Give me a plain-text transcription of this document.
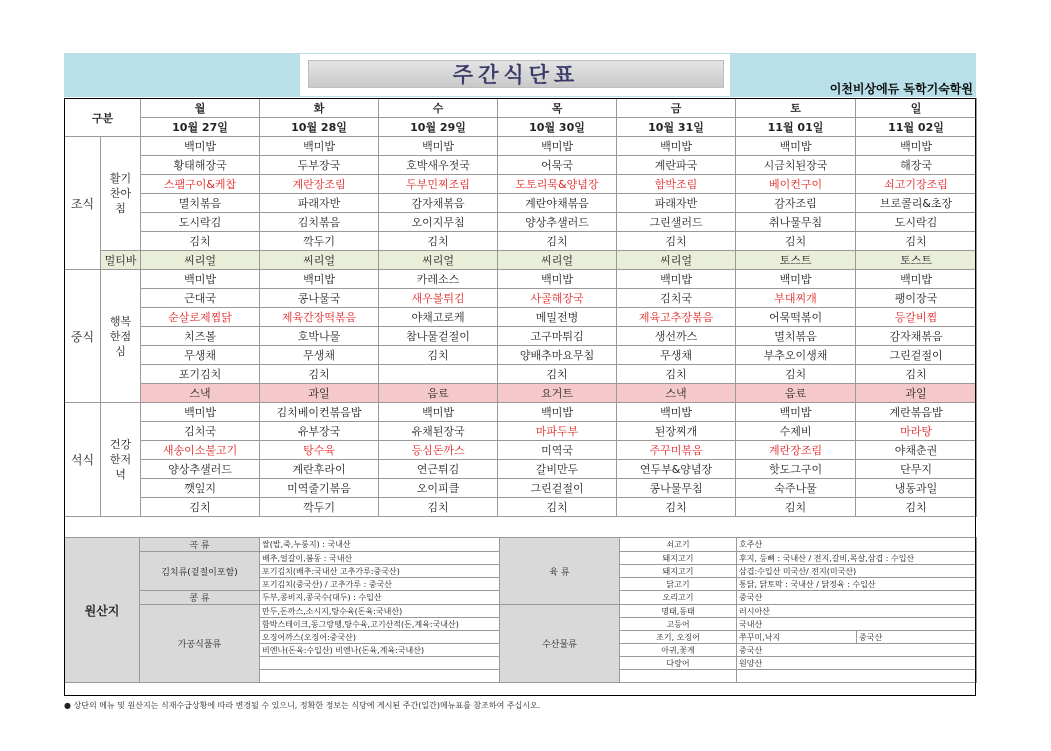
주간식단표
이천비상에듀 독학기숙학원
구분		월	화	수	목	금	토	일
		10월 27일	10월 28일	10월 29일	10월 30일	10월 31일	11월 01일	11월 02일
조식	활기찬아침	백미밥	백미밥	백미밥	백미밥	백미밥	백미밥	백미밥
		황태해장국	두부장국	호박새우젓국	어묵국	계란파국	시금치된장국	해장국
		스팸구이&케찹	계란장조림	두부민찌조림	도토리묵&양념장	함박조림	베이컨구이	쇠고기장조림
		멸치볶음	파래자반	감자채볶음	계란야채볶음	파래자반	감자조림	브로콜리&초장
		도시락김	김치볶음	오이지무침	양상추샐러드	그린샐러드	취나물무침	도시락김
		김치	깍두기	김치	김치	김치	김치	김치
	멀티바	씨리얼	씨리얼	씨리얼	씨리얼	씨리얼	토스트	토스트
중식	행복한점심	백미밥	백미밥	카레소스	백미밥	백미밥	백미밥	백미밥
		근대국	콩나물국	새우볼튀김	사골해장국	김치국	부대찌개	팽이장국
		순살로제찜닭	제육간장떡볶음	야채고로케	메밀전병	제육고추장볶음	어묵떡볶이	등갈비찜
		치즈볼	호박나물	참나물겉절이	고구마튀김	생선까스	멸치볶음	감자채볶음
		무생채	무생채	김치	양배추마요무침	무생채	부추오이생채	그린겉절이
		포기김치	김치		김치	김치	김치	김치
		스낵	과일	음료	요거트	스낵	음료	과일
석식	건강한저녁	백미밥	김치베이컨볶음밥	백미밥	백미밥	백미밥	백미밥	계란볶음밥
		김치국	유부장국	유채된장국	마파두부	된장찌개	수제비	마라탕
		새송이소불고기	탕수육	등심돈까스	미역국	주꾸미볶음	계란장조림	야채춘권
		양상추샐러드	계란후라이	연근튀김	갈비만두	연두부&양념장	핫도그구이	단무지
		깻잎지	미역줄기볶음	오이피클	그린겉절이	콩나물무침	숙주나물	냉동과일
		김치	깍두기	김치	김치	김치	김치	김치
원산지	곡 류	쌀(밥,죽,누룽지) : 국내산	육 류	쇠고기	호주산	
	김치류(겉절이포함)	배추,얼갈이,봄동 : 국내산		돼지고기	후지, 등뼈 : 국내산 / 전지,갈비,목살,삼겹 : 수입산	
		포기김치(배추:국내산 고추가루:중국산)		돼지고기	삼겹:수입산 미국산/ 전지(미국산)	
		포기김치(중국산) / 고추가루 : 중국산		닭고기	통닭, 닭토막 : 국내산 / 닭정육 : 수입산	
	콩 류	두부,콩비지,콩국수(대두) : 수입산		오리고기	중국산	
	가공식품류	만두,돈까스,소시지,탕수육(돈육:국내산)	수산물류	명태,동태	러시아산	
		함박스테이크,동그랑땡,탕수육,고기산적(돈,계육:국내산)		고등어	국내산	
		오징어까스(오징어:중국산)		조기, 오징어	쭈꾸미,낙지	중국산
		비엔나(돈육:수입산) 비엔나(돈육,계육:국내산)		아귀,꽃게	중국산	
				다랑어	원양산	

● 상단의 메뉴 및 원산지는 식재수급상황에 따라 변경될 수 있으니, 정확한 정보는 식당에 게시된 주간(일간)메뉴표를 참조하여 주십시오.
